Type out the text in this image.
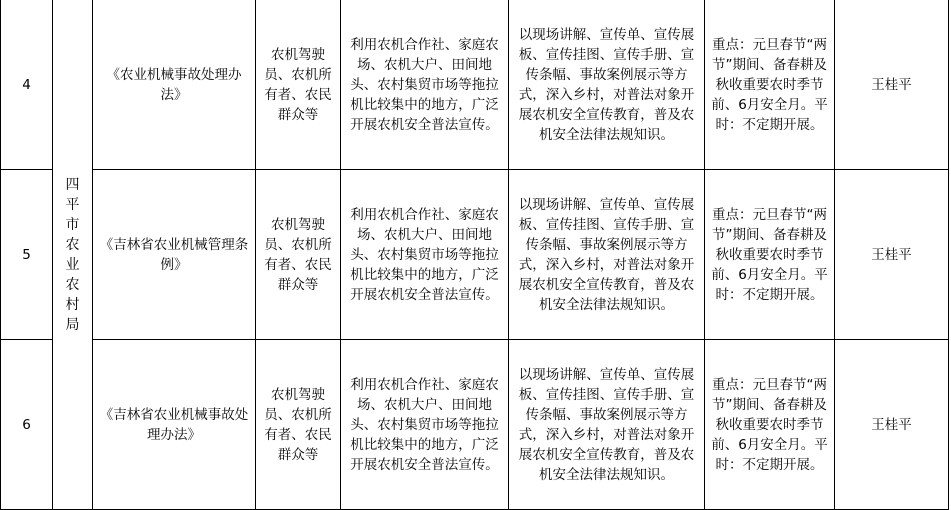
4	四平市农业农村局	《农业机械事故处理办法》	农机驾驶员、农机所有者、农民群众等	利用农机合作社、家庭农场、农机大户、田间地头、农村集贸市场等拖拉机比较集中的地方，广泛开展农机安全普法宣传。	以现场讲解、宣传单、宣传展板、宣传挂图、宣传手册、宣传条幅、事故案例展示等方式，深入乡村，对普法对象开展农机安全宣传教育，普及农机安全法律法规知识。	重点：元旦春节“两节”期间、备春耕及秋收重要农时季节前、6月安全月。平时：不定期开展。	王桂平
5		《吉林省农业机械管理条例》	农机驾驶员、农机所有者、农民群众等	利用农机合作社、家庭农场、农机大户、田间地头、农村集贸市场等拖拉机比较集中的地方，广泛开展农机安全普法宣传。	以现场讲解、宣传单、宣传展板、宣传挂图、宣传手册、宣传条幅、事故案例展示等方式，深入乡村，对普法对象开展农机安全宣传教育，普及农机安全法律法规知识。	重点：元旦春节“两节”期间、备春耕及秋收重要农时季节前、6月安全月。平时：不定期开展。	王桂平
6		《吉林省农业机械事故处理办法》	农机驾驶员、农机所有者、农民群众等	利用农机合作社、家庭农场、农机大户、田间地头、农村集贸市场等拖拉机比较集中的地方，广泛开展农机安全普法宣传。	以现场讲解、宣传单、宣传展板、宣传挂图、宣传手册、宣传条幅、事故案例展示等方式，深入乡村，对普法对象开展农机安全宣传教育，普及农机安全法律法规知识。	重点：元旦春节“两节”期间、备春耕及秋收重要农时季节前、6月安全月。平时：不定期开展。	王桂平
